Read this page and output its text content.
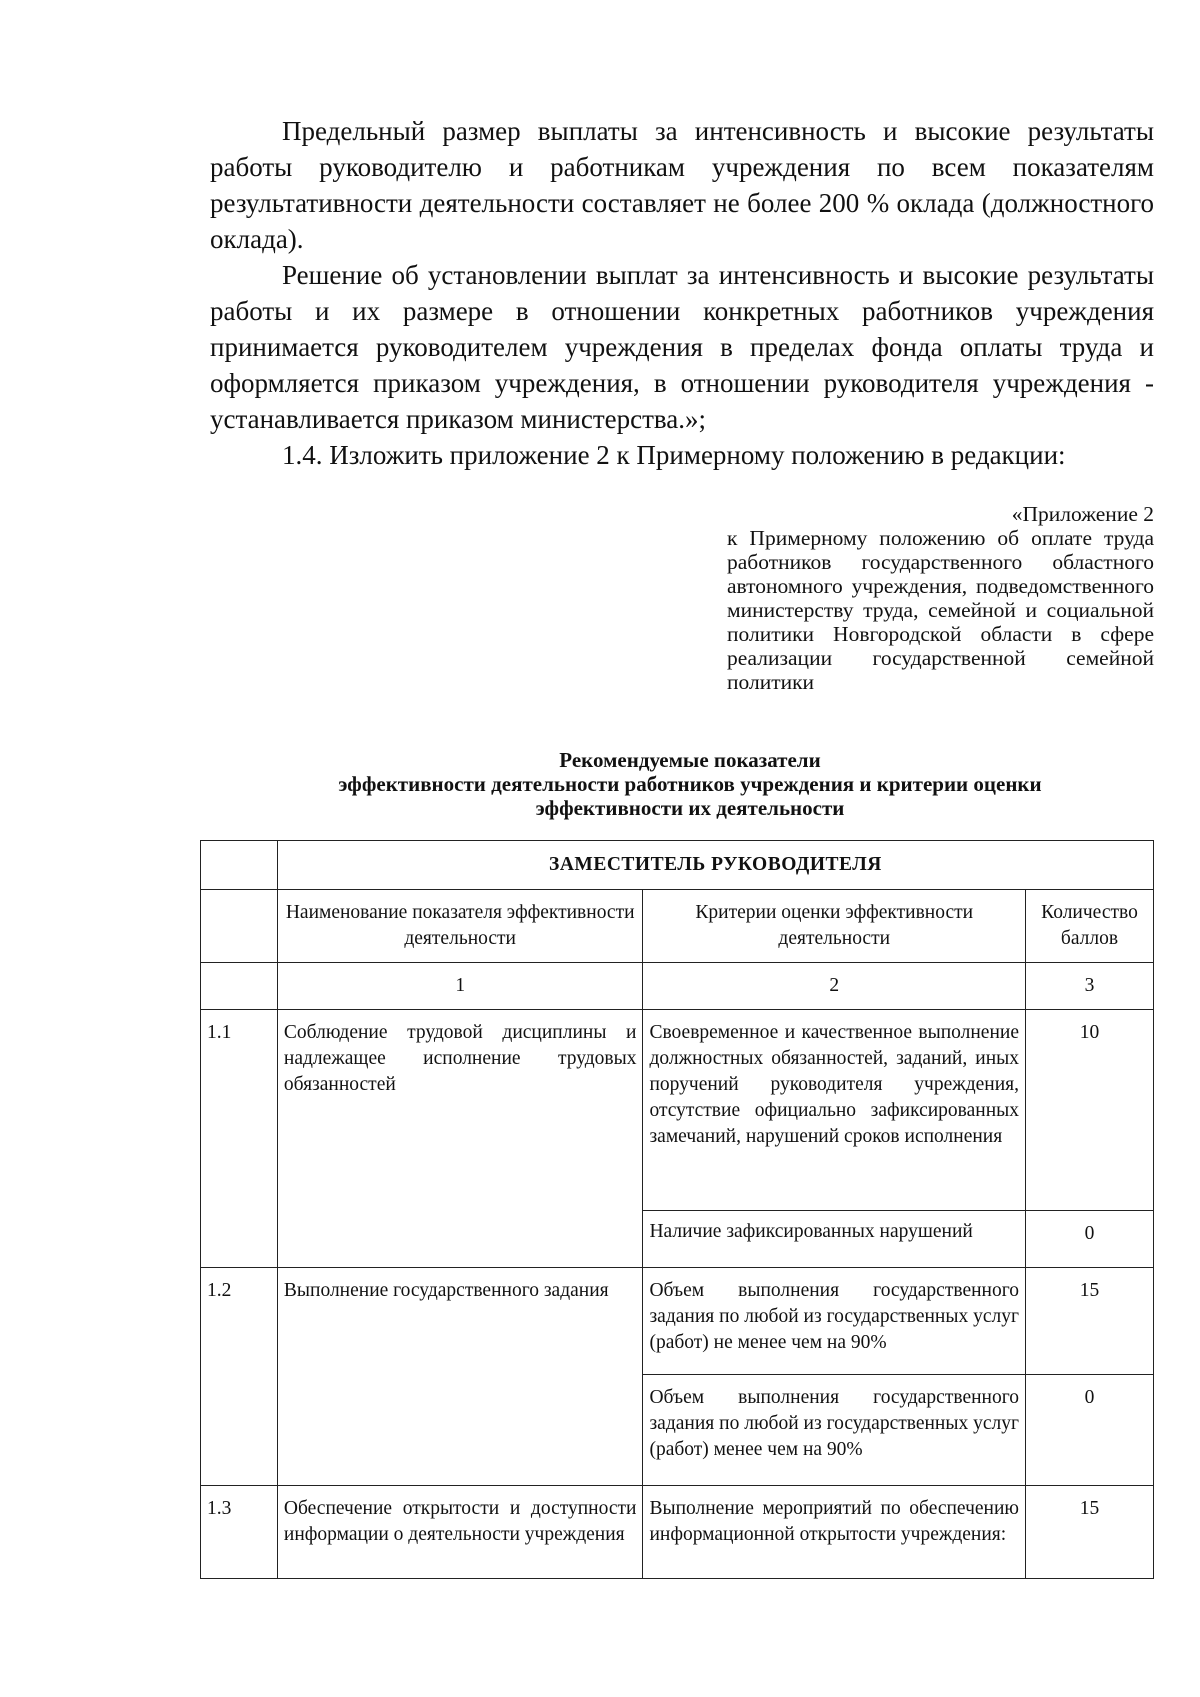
Предельный размер выплаты за интенсивность и высокие результаты работы руководителю и работникам учреждения по всем показателям результативности деятельности составляет не более 200 % оклада (должностного оклада).

Решение об установлении выплат за интенсивность и высокие результаты работы и их размере в отношении конкретных работников учреждения принимается руководителем учреждения в пределах фонда оплаты труда и оформляется приказом учреждения, в отношении руководителя учреждения - устанавливается приказом министерства.»;

1.4. Изложить приложение 2 к Примерному положению в редакции:

«Приложение 2
к Примерному положению об оплате труда работников государственного областного автономного учреждения, подведомственного министерству труда, семейной и социальной политики Новгородской области в сфере реализации государственной семейной политики
Рекомендуемые показатели
эффективности деятельности работников учреждения и критерии оценки
эффективности их деятельности
	ЗАМЕСТИТЕЛЬ РУКОВОДИТЕЛЯ		
	Наименование показателя эффективности деятельности	Критерии оценки эффективности деятельности	Количество баллов
	1	2	3
1.1	Соблюдение трудовой дисциплины и надлежащее исполнение трудовых обязанностей	Своевременное и качественное выполнение должностных обязанностей, заданий, иных поручений руководителя учреждения, отсутствие официально зафиксированных замечаний, нарушений сроков исполнения	10
		Наличие зафиксированных нарушений	0
1.2	Выполнение государственного задания	Объем выполнения государственного задания по любой из государственных услуг (работ) не менее чем на 90%	15
		Объем выполнения государственного задания по любой из государственных услуг (работ) менее чем на 90%	0
1.3	Обеспечение открытости и доступности информации о деятельности учреждения	Выполнение мероприятий по обеспечению информационной открытости учреждения:	15
